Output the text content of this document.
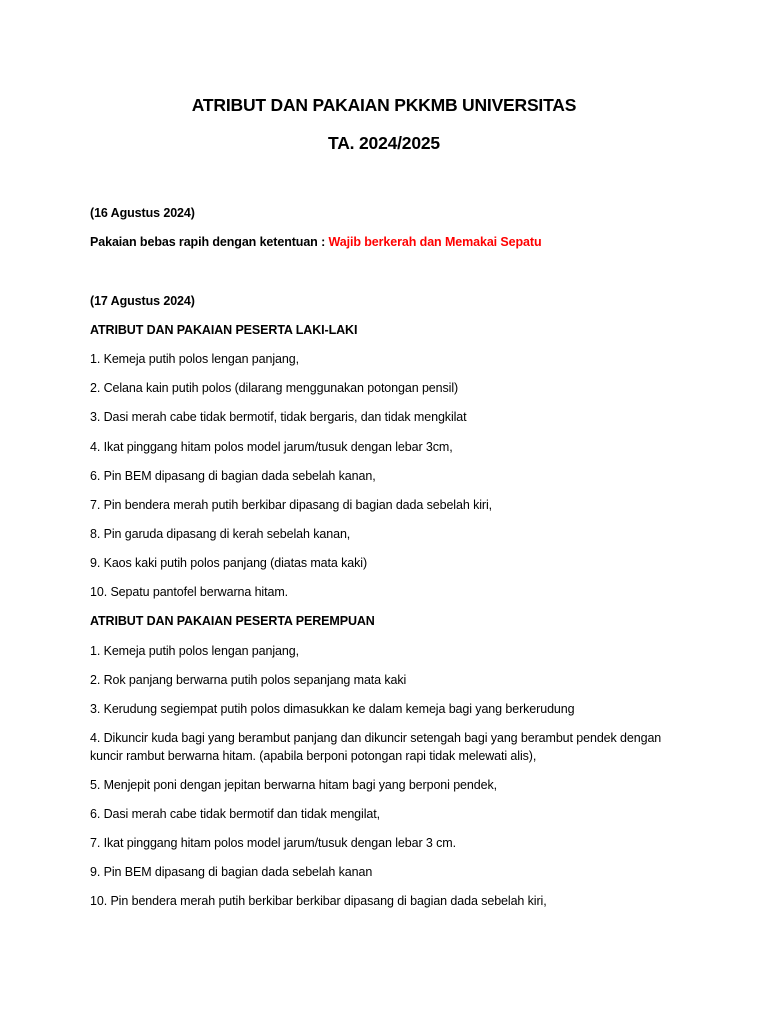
ATRIBUT DAN PAKAIAN PKKMB UNIVERSITAS
TA. 2024/2025
(16 Agustus 2024)
Pakaian bebas rapih dengan ketentuan : Wajib berkerah dan Memakai Sepatu
(17 Agustus 2024)
ATRIBUT DAN PAKAIAN PESERTA LAKI-LAKI
1. Kemeja putih polos lengan panjang,
2. Celana kain putih polos (dilarang menggunakan potongan pensil)
3. Dasi merah cabe tidak bermotif, tidak bergaris, dan tidak mengkilat
4. Ikat pinggang hitam polos model jarum/tusuk dengan lebar 3cm,
6. Pin BEM dipasang di bagian dada sebelah kanan,
7. Pin bendera merah putih berkibar dipasang di bagian dada sebelah kiri,
8. Pin garuda dipasang di kerah sebelah kanan,
9. Kaos kaki putih polos panjang (diatas mata kaki)
10. Sepatu pantofel berwarna hitam.
ATRIBUT DAN PAKAIAN PESERTA PEREMPUAN
1. Kemeja putih polos lengan panjang,
2. Rok panjang berwarna putih polos sepanjang mata kaki
3. Kerudung segiempat putih polos dimasukkan ke dalam kemeja bagi yang berkerudung
4. Dikuncir kuda bagi yang berambut panjang dan dikuncir setengah bagi yang berambut pendek dengan kuncir rambut berwarna hitam. (apabila berponi potongan rapi tidak melewati alis),
5. Menjepit poni dengan jepitan berwarna hitam bagi yang berponi pendek,
6. Dasi merah cabe tidak bermotif dan tidak mengilat,
7. Ikat pinggang hitam polos model jarum/tusuk dengan lebar 3 cm.
9. Pin BEM dipasang di bagian dada sebelah kanan
10. Pin bendera merah putih berkibar berkibar dipasang di bagian dada sebelah kiri,
